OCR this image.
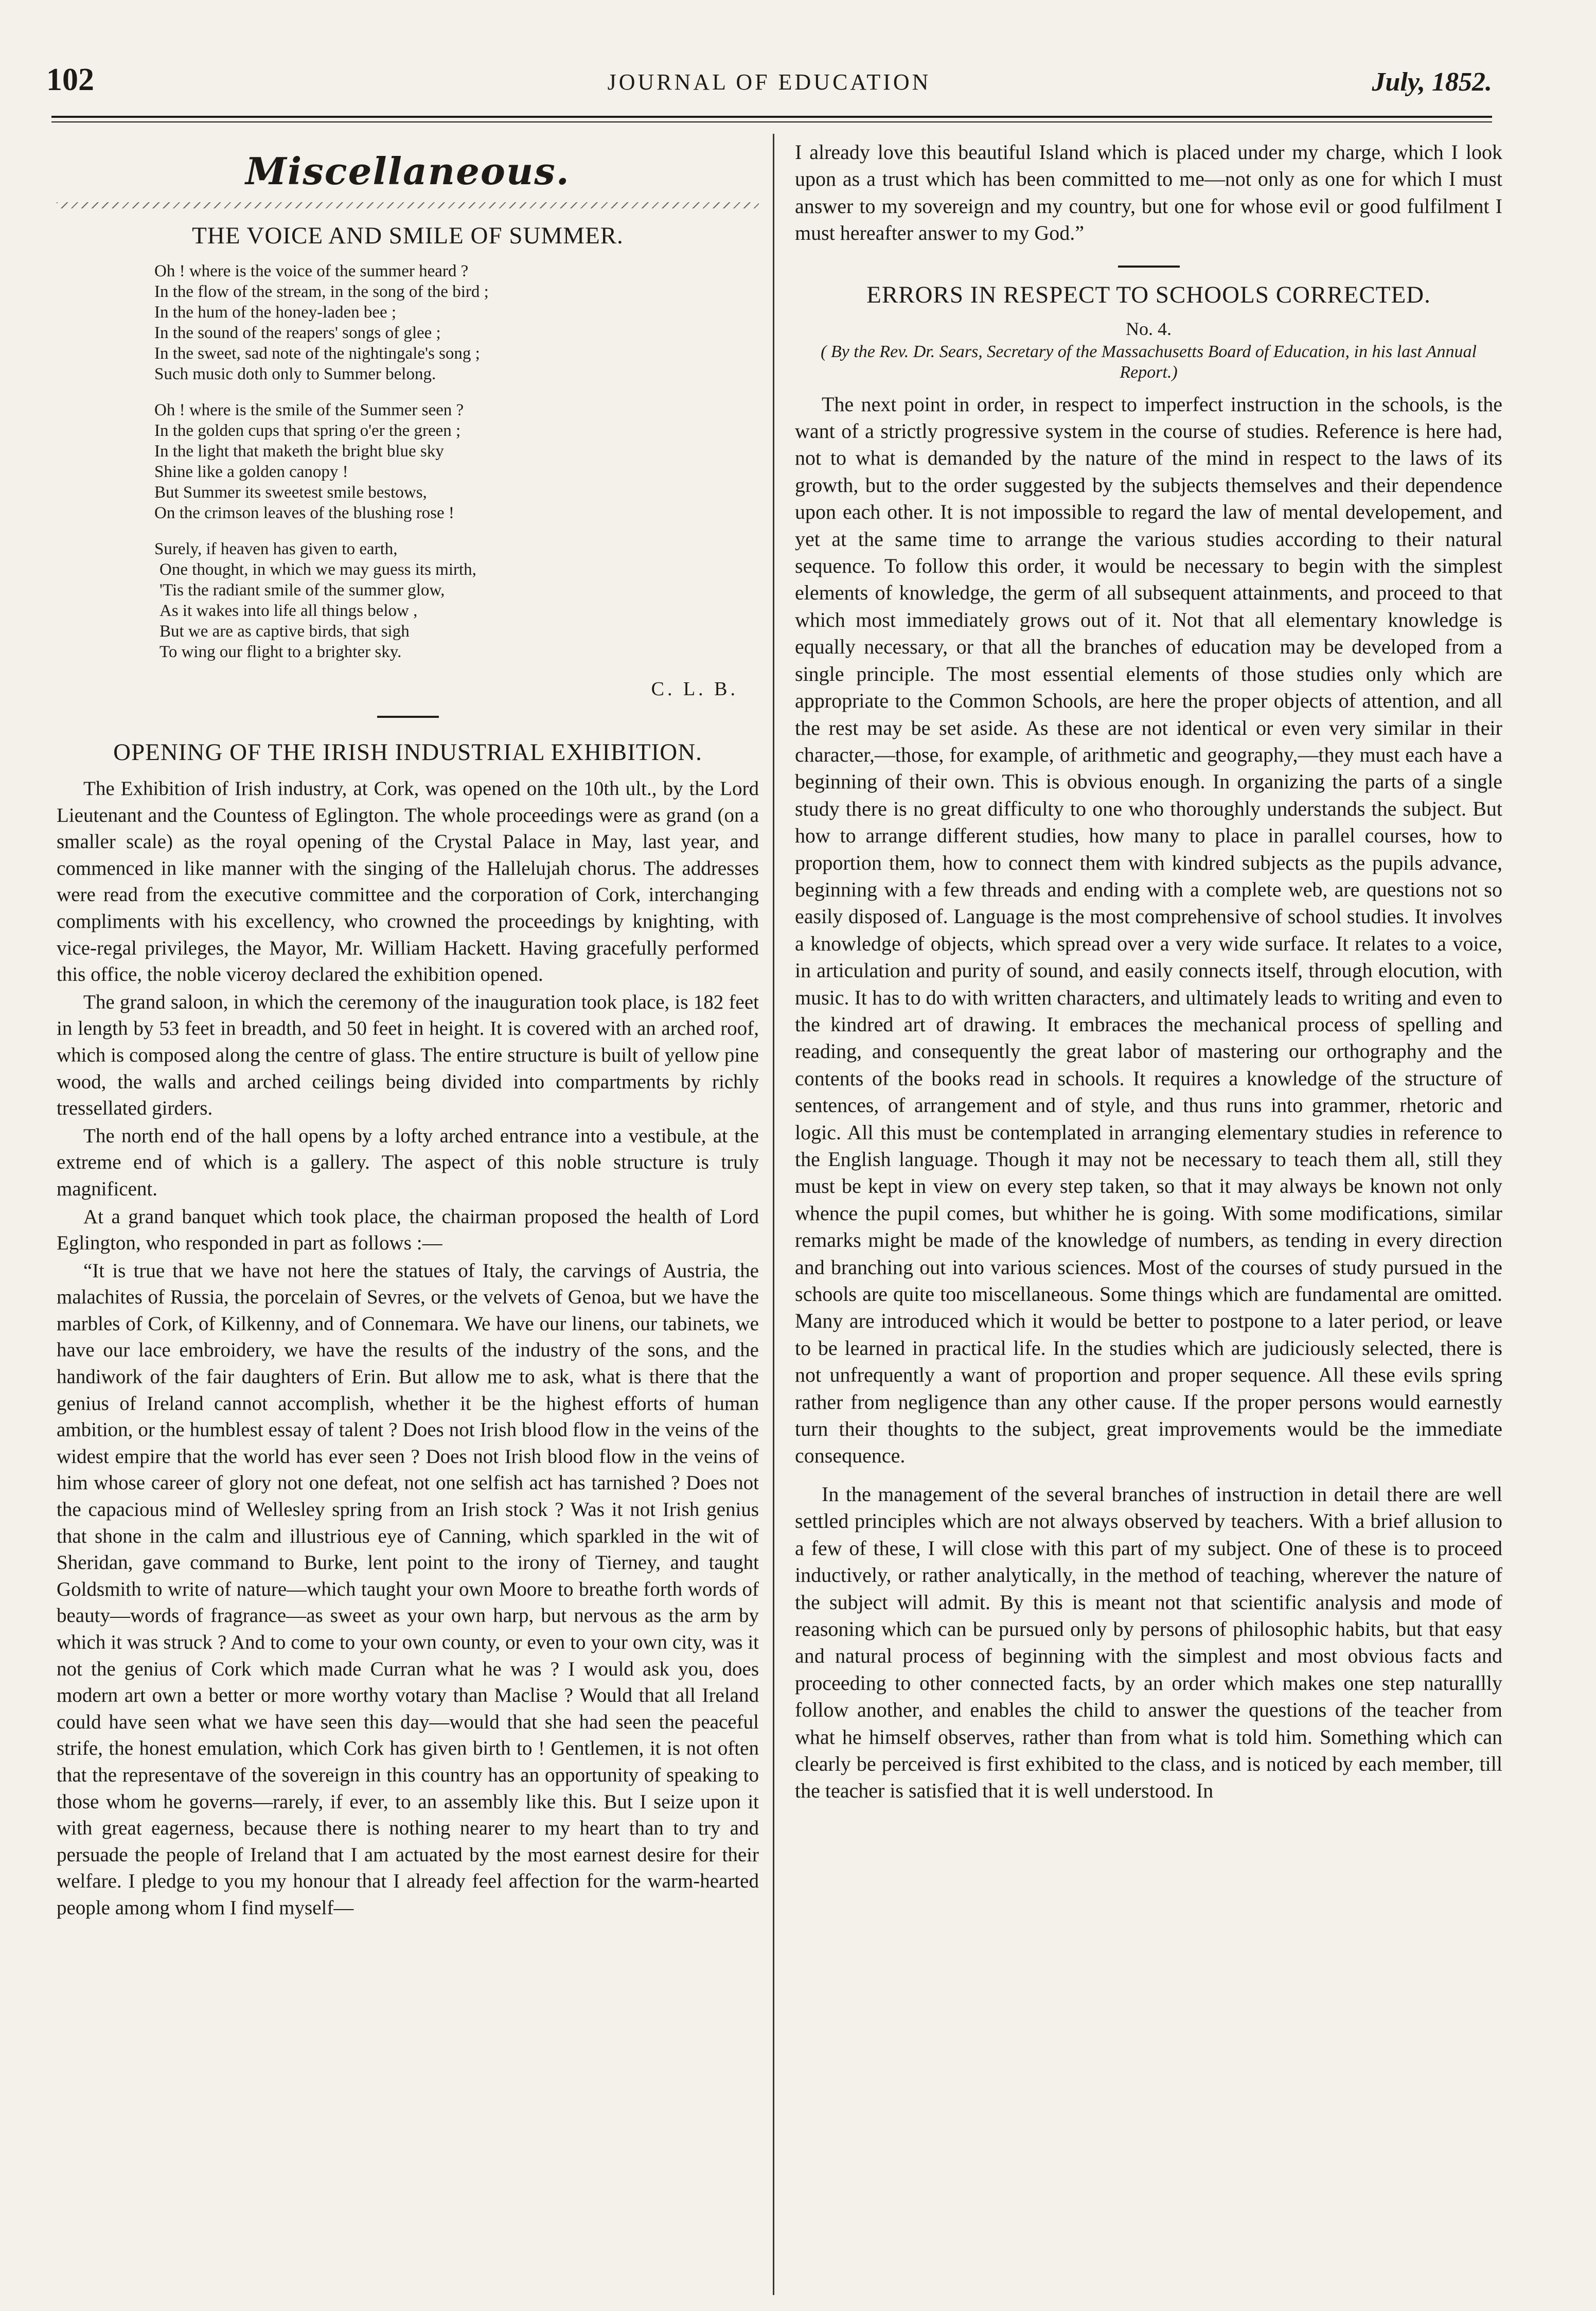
102	JOURNAL OF EDUCATION	July, 1852.
Miscellaneous.
THE VOICE AND SMILE OF SUMMER.
Oh ! where is the voice of the summer heard ?
In the flow of the stream, in the song of the bird ;
In the hum of the honey-laden bee ;
In the sound of the reapers' songs of glee ;
In the sweet, sad note of the nightingale's song ;
Such music doth only to Summer belong.
Oh ! where is the smile of the Summer seen ?
In the golden cups that spring o'er the green ;
In the light that maketh the bright blue sky
Shine like a golden canopy !
But Summer its sweetest smile bestows,
On the crimson leaves of the blushing rose !
Surely, if heaven has given to earth,
One thought, in which we may guess its mirth,
'Tis the radiant smile of the summer glow,
As it wakes into life all things below ,
But we are as captive birds, that sigh
To wing our flight to a brighter sky.
C. L. B.
OPENING OF THE IRISH INDUSTRIAL EXHIBITION.

The Exhibition of Irish industry, at Cork, was opened on the 10th ult., by the Lord Lieutenant and the Countess of Eglington. The whole proceedings were as grand (on a smaller scale) as the royal opening of the Crystal Palace in May, last year, and commenced in like manner with the singing of the Hallelujah chorus. The addresses were read from the executive committee and the corporation of Cork, interchanging compliments with his excellency, who crowned the proceedings by knighting, with vice-regal privileges, the Mayor, Mr. William Hackett. Having gracefully performed this office, the noble viceroy declared the exhibition opened.

The grand saloon, in which the ceremony of the inauguration took place, is 182 feet in length by 53 feet in breadth, and 50 feet in height. It is covered with an arched roof, which is composed along the centre of glass. The entire structure is built of yellow pine wood, the walls and arched ceilings being divided into compartments by richly tressellated girders.

The north end of the hall opens by a lofty arched entrance into a vestibule, at the extreme end of which is a gallery. The aspect of this noble structure is truly magnificent.

At a grand banquet which took place, the chairman proposed the health of Lord Eglington, who responded in part as follows :—

“It is true that we have not here the statues of Italy, the carvings of Austria, the malachites of Russia, the porcelain of Sevres, or the velvets of Genoa, but we have the marbles of Cork, of Kilkenny, and of Connemara. We have our linens, our tabinets, we have our lace embroidery, we have the results of the industry of the sons, and the handiwork of the fair daughters of Erin. But allow me to ask, what is there that the genius of Ireland cannot accomplish, whether it be the highest efforts of human ambition, or the humblest essay of talent ? Does not Irish blood flow in the veins of the widest empire that the world has ever seen ? Does not Irish blood flow in the veins of him whose career of glory not one defeat, not one selfish act has tarnished ? Does not the capacious mind of Wellesley spring from an Irish stock ? Was it not Irish genius that shone in the calm and illustrious eye of Canning, which sparkled in the wit of Sheridan, gave command to Burke, lent point to the irony of Tierney, and taught Goldsmith to write of nature—which taught your own Moore to breathe forth words of beauty—words of fragrance—as sweet as your own harp, but nervous as the arm by which it was struck ? And to come to your own county, or even to your own city, was it not the genius of Cork which made Curran what he was ? I would ask you, does modern art own a better or more worthy votary than Maclise ? Would that all Ireland could have seen what we have seen this day—would that she had seen the peaceful strife, the honest emulation, which Cork has given birth to ! Gentlemen, it is not often that the representave of the sovereign in this country has an opportunity of speaking to those whom he governs—rarely, if ever, to an assembly like this. But I seize upon it with great eagerness, because there is nothing nearer to my heart than to try and persuade the people of Ireland that I am actuated by the most earnest desire for their welfare. I pledge to you my honour that I already feel affection for the warm-hearted people among whom I find myself—

I already love this beautiful Island which is placed under my charge, which I look upon as a trust which has been committed to me—not only as one for which I must answer to my sovereign and my country, but one for whose evil or good fulfilment I must hereafter answer to my God.”

ERRORS IN RESPECT TO SCHOOLS CORRECTED.
No. 4.
( By the Rev. Dr. Sears, Secretary of the Massachusetts Board of Education, in his last Annual Report.)

The next point in order, in respect to imperfect instruction in the schools, is the want of a strictly progressive system in the course of studies. Reference is here had, not to what is demanded by the nature of the mind in respect to the laws of its growth, but to the order suggested by the subjects themselves and their dependence upon each other. It is not impossible to regard the law of mental developement, and yet at the same time to arrange the various studies according to their natural sequence. To follow this order, it would be necessary to begin with the simplest elements of knowledge, the germ of all subsequent attainments, and proceed to that which most immediately grows out of it. Not that all elementary knowledge is equally necessary, or that all the branches of education may be developed from a single principle. The most essential elements of those studies only which are appropriate to the Common Schools, are here the proper objects of attention, and all the rest may be set aside. As these are not identical or even very similar in their character,—those, for example, of arithmetic and geography,—they must each have a beginning of their own. This is obvious enough. In organizing the parts of a single study there is no great difficulty to one who thoroughly understands the subject. But how to arrange different studies, how many to place in parallel courses, how to proportion them, how to connect them with kindred subjects as the pupils advance, beginning with a few threads and ending with a complete web, are questions not so easily disposed of. Language is the most comprehensive of school studies. It involves a knowledge of objects, which spread over a very wide surface. It relates to a voice, in articulation and purity of sound, and easily connects itself, through elocution, with music. It has to do with written characters, and ultimately leads to writing and even to the kindred art of drawing. It embraces the mechanical process of spelling and reading, and consequently the great labor of mastering our orthography and the contents of the books read in schools. It requires a knowledge of the structure of sentences, of arrangement and of style, and thus runs into grammer, rhetoric and logic. All this must be contemplated in arranging elementary studies in reference to the English language. Though it may not be necessary to teach them all, still they must be kept in view on every step taken, so that it may always be known not only whence the pupil comes, but whither he is going. With some modifications, similar remarks might be made of the knowledge of numbers, as tending in every direction and branching out into various sciences. Most of the courses of study pursued in the schools are quite too miscellaneous. Some things which are fundamental are omitted. Many are introduced which it would be better to postpone to a later period, or leave to be learned in practical life. In the studies which are judiciously selected, there is not unfrequently a want of proportion and proper sequence. All these evils spring rather from negligence than any other cause. If the proper persons would earnestly turn their thoughts to the subject, great improvements would be the immediate consequence.

In the management of the several branches of instruction in detail there are well settled principles which are not always observed by teachers. With a brief allusion to a few of these, I will close with this part of my subject. One of these is to proceed inductively, or rather analytically, in the method of teaching, wherever the nature of the subject will admit. By this is meant not that scientific analysis and mode of reasoning which can be pursued only by persons of philosophic habits, but that easy and natural process of beginning with the simplest and most obvious facts and proceeding to other connected facts, by an order which makes one step naturallly follow another, and enables the child to answer the questions of the teacher from what he himself observes, rather than from what is told him. Something which can clearly be perceived is first exhibited to the class, and is noticed by each member, till the teacher is satisfied that it is well understood. In
